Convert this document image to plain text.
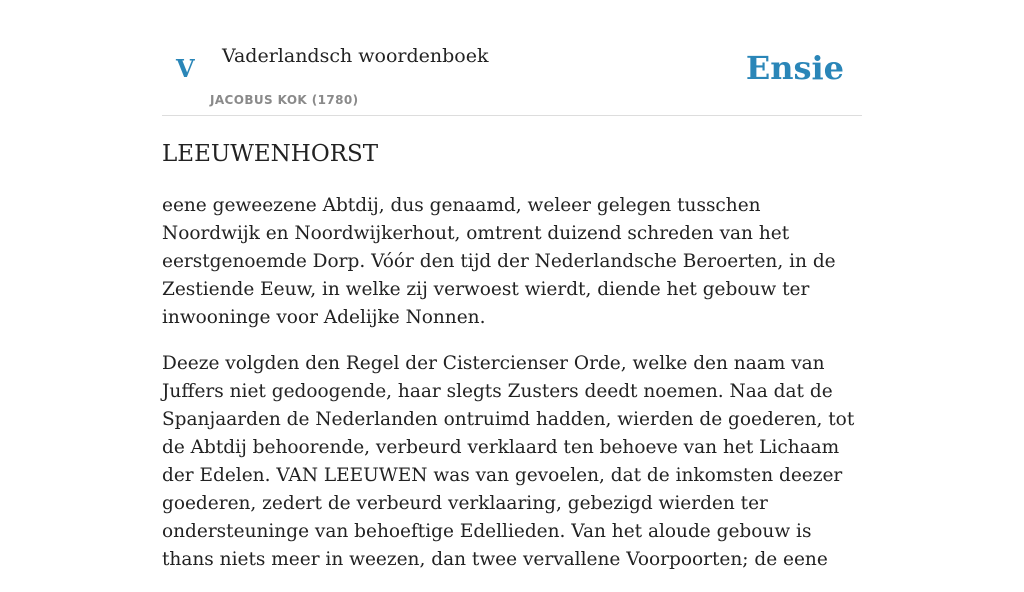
V Vaderlandsch woordenboek
JACOBUS KOK (1780)
Ensie
LEEUWENHORST

eene geweezene Abtdij, dus genaamd, weleer gelegen tusschen Noordwijk en Noordwijkerhout, omtrent duizend schreden van het eerstgenoemde Dorp. Vóór den tijd der Nederlandsche Beroerten, in de Zestiende Eeuw, in welke zij verwoest wierdt, diende het gebouw ter inwooninge voor Adelijke Nonnen.

Deeze volgden den Regel der Cistercienser Orde, welke den naam van Juffers niet gedoogende, haar slegts Zusters deedt noemen. Naa dat de Spanjaarden de Nederlanden ontruimd hadden, wierden de goederen, tot de Abtdij behoorende, verbeurd verklaard ten behoeve van het Lichaam der Edelen. VAN LEEUWEN was van gevoelen, dat de inkomsten deezer goederen, zedert de verbeurd verklaaring, gebezigd wierden ter ondersteuninge van behoeftige Edellieden. Van het aloude gebouw is thans niets meer in weezen, dan twee vervallene Voorpoorten; de eene
